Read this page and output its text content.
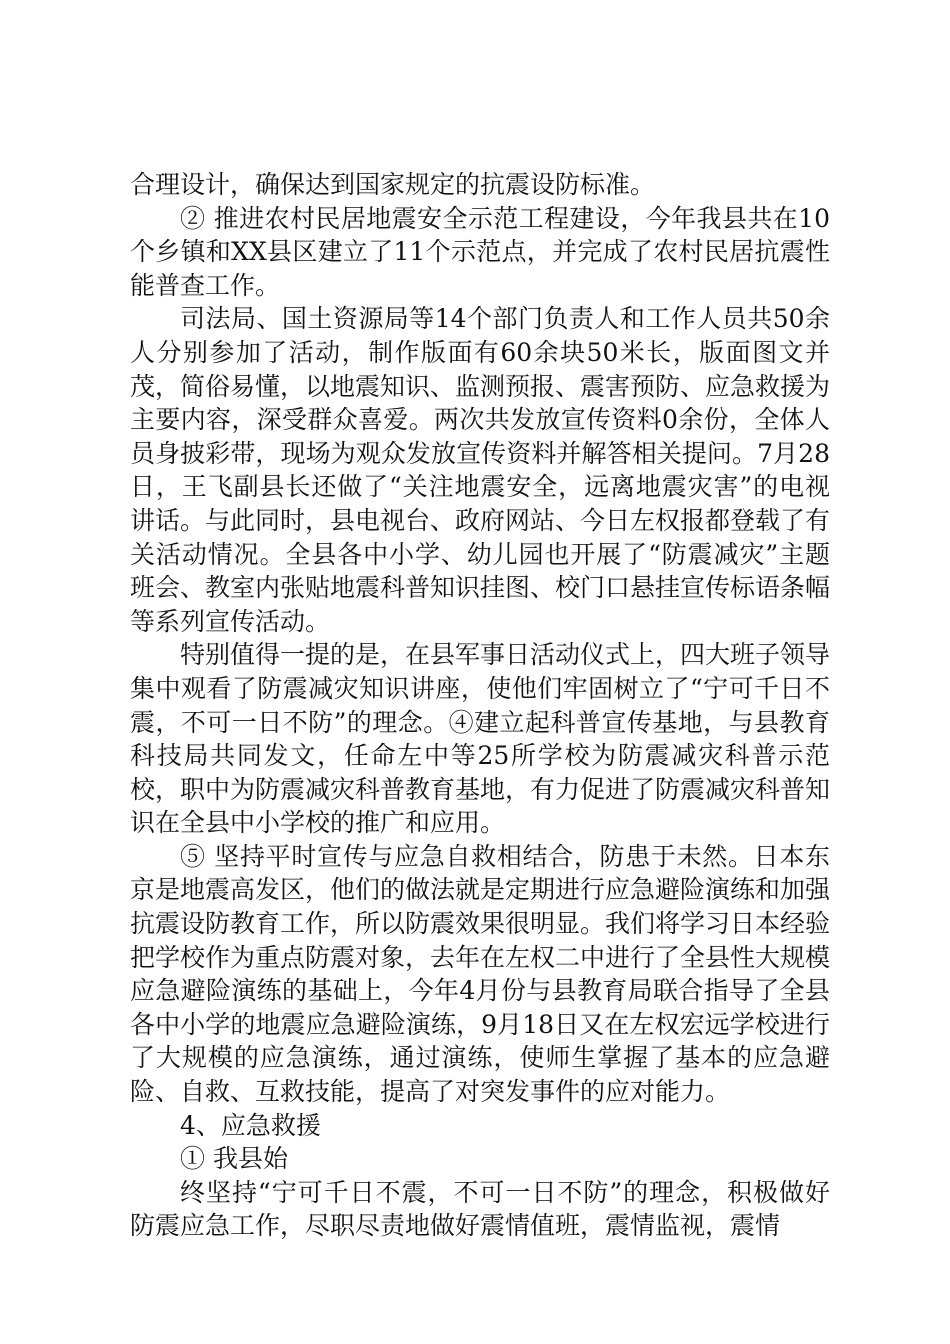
合理设计，确保达到国家规定的抗震设防标准。

② 推进农村民居地震安全示范工程建设，今年我县共在10个乡镇和XX县区建立了11个示范点，并完成了农村民居抗震性能普查工作。

司法局、国土资源局等14个部门负责人和工作人员共50余人分别参加了活动，制作版面有60余块50米长，版面图文并茂，简俗易懂，以地震知识、监测预报、震害预防、应急救援为主要内容，深受群众喜爱。两次共发放宣传资料0余份，全体人员身披彩带，现场为观众发放宣传资料并解答相关提问。7月28日，王飞副县长还做了“关注地震安全，远离地震灾害”的电视讲话。与此同时，县电视台、政府网站、今日左权报都登载了有关活动情况。全县各中小学、幼儿园也开展了“防震减灾”主题班会、教室内张贴地震科普知识挂图、校门口悬挂宣传标语条幅等系列宣传活动。

特别值得一提的是，在县军事日活动仪式上，四大班子领导集中观看了防震减灾知识讲座，使他们牢固树立了“宁可千日不震，不可一日不防”的理念。④建立起科普宣传基地，与县教育科技局共同发文，任命左中等25所学校为防震减灾科普示范校，职中为防震减灾科普教育基地，有力促进了防震减灾科普知识在全县中小学校的推广和应用。

⑤ 坚持平时宣传与应急自救相结合，防患于未然。日本东京是地震高发区，他们的做法就是定期进行应急避险演练和加强抗震设防教育工作，所以防震效果很明显。我们将学习日本经验把学校作为重点防震对象，去年在左权二中进行了全县性大规模应急避险演练的基础上，今年4月份与县教育局联合指导了全县各中小学的地震应急避险演练，9月18日又在左权宏远学校进行了大规模的应急演练，通过演练，使师生掌握了基本的应急避险、自救、互救技能，提高了对突发事件的应对能力。

4、应急救援

① 我县始

终坚持“宁可千日不震，不可一日不防”的理念，积极做好防震应急工作，尽职尽责地做好震情值班，震情监视，震情
